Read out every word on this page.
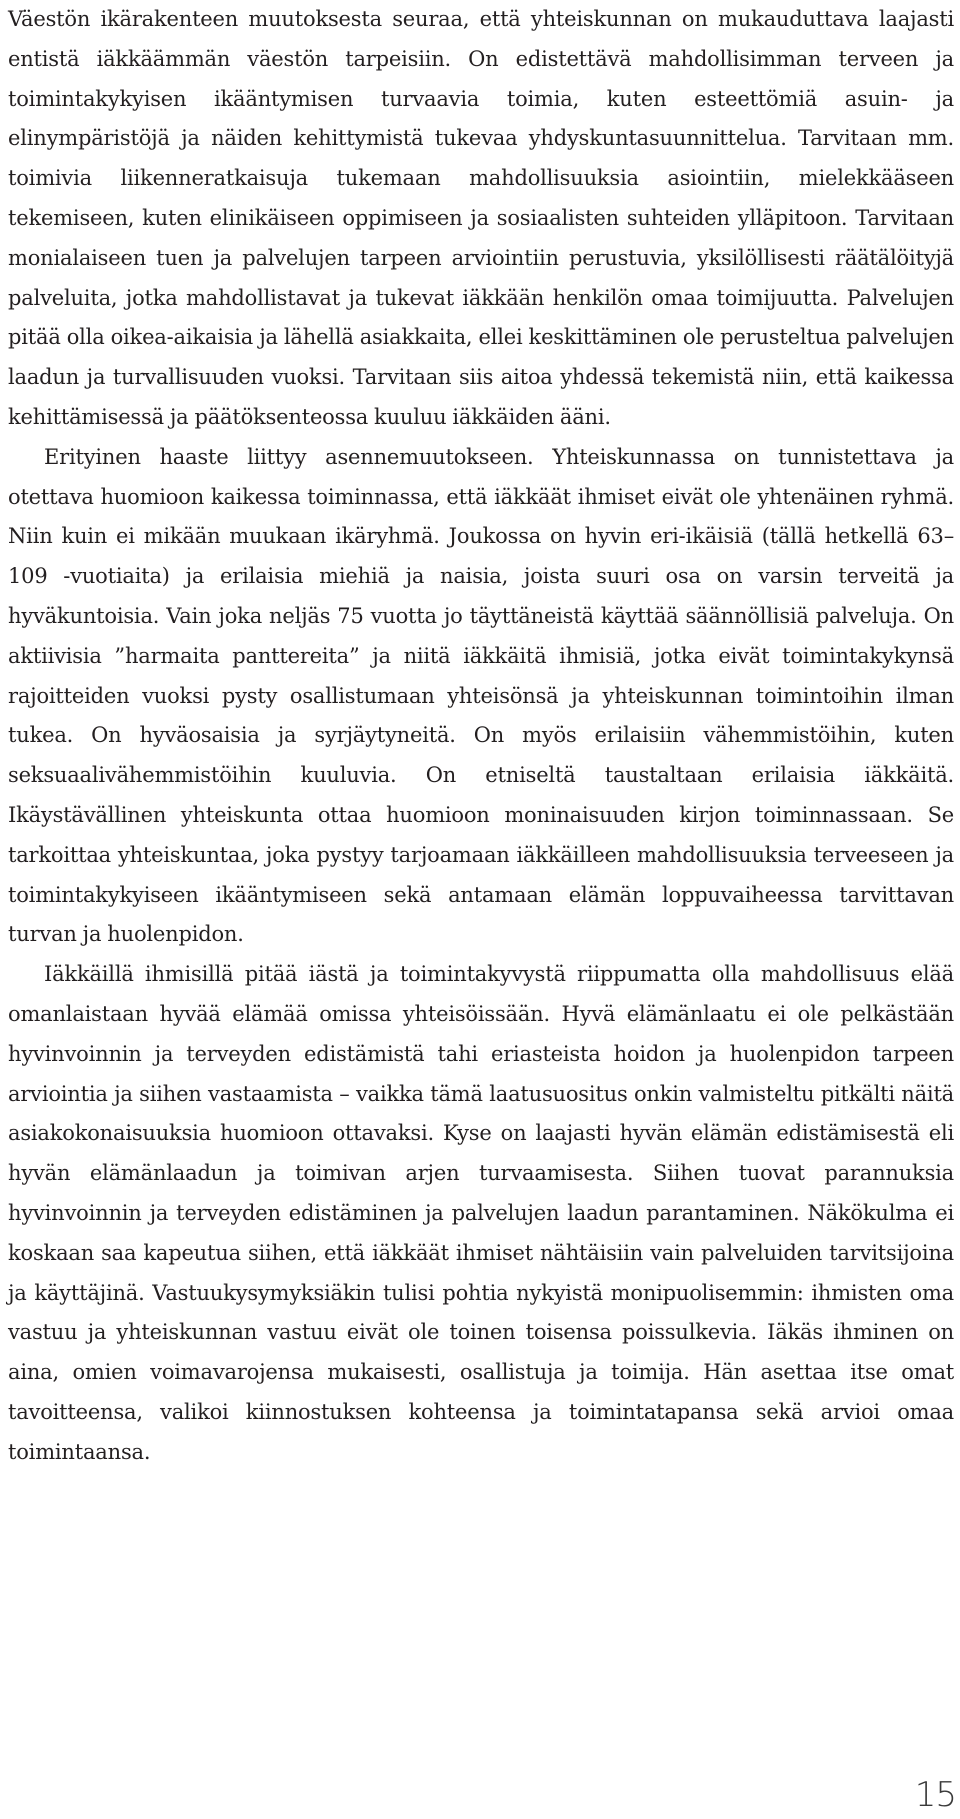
Väestön ikärakenteen muutoksesta seuraa, että yhteiskunnan on mukauduttava laajasti entistä iäkkäämmän väestön tarpeisiin. On edistettävä mahdollisimman terveen ja toimintakykyisen ikääntymisen turvaavia toimia, kuten esteettömiä asuin- ja elinympäristöjä ja näiden kehittymistä tukevaa yhdyskuntasuunnittelua. Tarvitaan mm. toimivia liikenneratkaisuja tukemaan mahdollisuuksia asiointiin, mielekkääseen tekemiseen, kuten elinikäiseen oppimiseen ja sosiaalisten suhteiden ylläpitoon. Tarvitaan monialaiseen tuen ja palvelujen tarpeen arviointiin perustuvia, yksilöllisesti räätälöityjä palveluita, jotka mahdollistavat ja tukevat iäkkään henkilön omaa toimijuutta. Palvelujen pitää olla oikea-aikaisia ja lähellä asiakkaita, ellei keskittäminen ole perusteltua palvelujen laadun ja turvallisuuden vuoksi. Tarvitaan siis aitoa yhdessä tekemistä niin, että kaikessa kehittämisessä ja päätöksenteossa kuuluu iäkkäiden ääni.

Erityinen haaste liittyy asennemuutokseen. Yhteiskunnassa on tunnistettava ja otettava huomioon kaikessa toiminnassa, että iäkkäät ihmiset eivät ole yhtenäinen ryhmä. Niin kuin ei mikään muukaan ikäryhmä. Joukossa on hyvin eri-ikäisiä (tällä hetkellä 63–109 -vuotiaita) ja erilaisia miehiä ja naisia, joista suuri osa on varsin terveitä ja hyväkuntoisia. Vain joka neljäs 75 vuotta jo täyttäneistä käyttää säännöllisiä palveluja. On aktiivisia ”harmaita panttereita” ja niitä iäkkäitä ihmisiä, jotka eivät toimintakykynsä rajoitteiden vuoksi pysty osallistumaan yhteisönsä ja yhteiskunnan toimintoihin ilman tukea. On hyväosaisia ja syrjäytyneitä. On myös erilaisiin vähemmistöihin, kuten seksuaalivähemmistöihin kuuluvia. On etniseltä taustaltaan erilaisia iäkkäitä. Ikäystävällinen yhteiskunta ottaa huomioon moninaisuuden kirjon toiminnassaan. Se tarkoittaa yhteiskuntaa, joka pystyy tarjoamaan iäkkäilleen mahdollisuuksia terveeseen ja toimintakykyiseen ikääntymiseen sekä antamaan elämän loppuvaiheessa tarvittavan turvan ja huolenpidon.

Iäkkäillä ihmisillä pitää iästä ja toimintakyvystä riippumatta olla mahdollisuus elää omanlaistaan hyvää elämää omissa yhteisöissään. Hyvä elämänlaatu ei ole pelkästään hyvinvoinnin ja terveyden edistämistä tahi eriasteista hoidon ja huolenpidon tarpeen arviointia ja siihen vastaamista – vaikka tämä laatusuositus onkin valmisteltu pitkälti näitä asiakokonaisuuksia huomioon ottavaksi. Kyse on laajasti hyvän elämän edistämisestä eli hyvän elämänlaadun ja toimivan arjen turvaamisesta. Siihen tuovat parannuksia hyvinvoinnin ja terveyden edistäminen ja palvelujen laadun parantaminen. Näkökulma ei koskaan saa kapeutua siihen, että iäkkäät ihmiset nähtäisiin vain palveluiden tarvitsijoina ja käyttäjinä. Vastuukysymyksiäkin tulisi pohtia nykyistä monipuolisemmin: ihmisten oma vastuu ja yhteiskunnan vastuu eivät ole toinen toisensa poissulkevia. Iäkäs ihminen on aina, omien voimavarojensa mukaisesti, osallistuja ja toimija. Hän asettaa itse omat tavoitteensa, valikoi kiinnostuksen kohteensa ja toimintatapansa sekä arvioi omaa toimintaansa.

15
